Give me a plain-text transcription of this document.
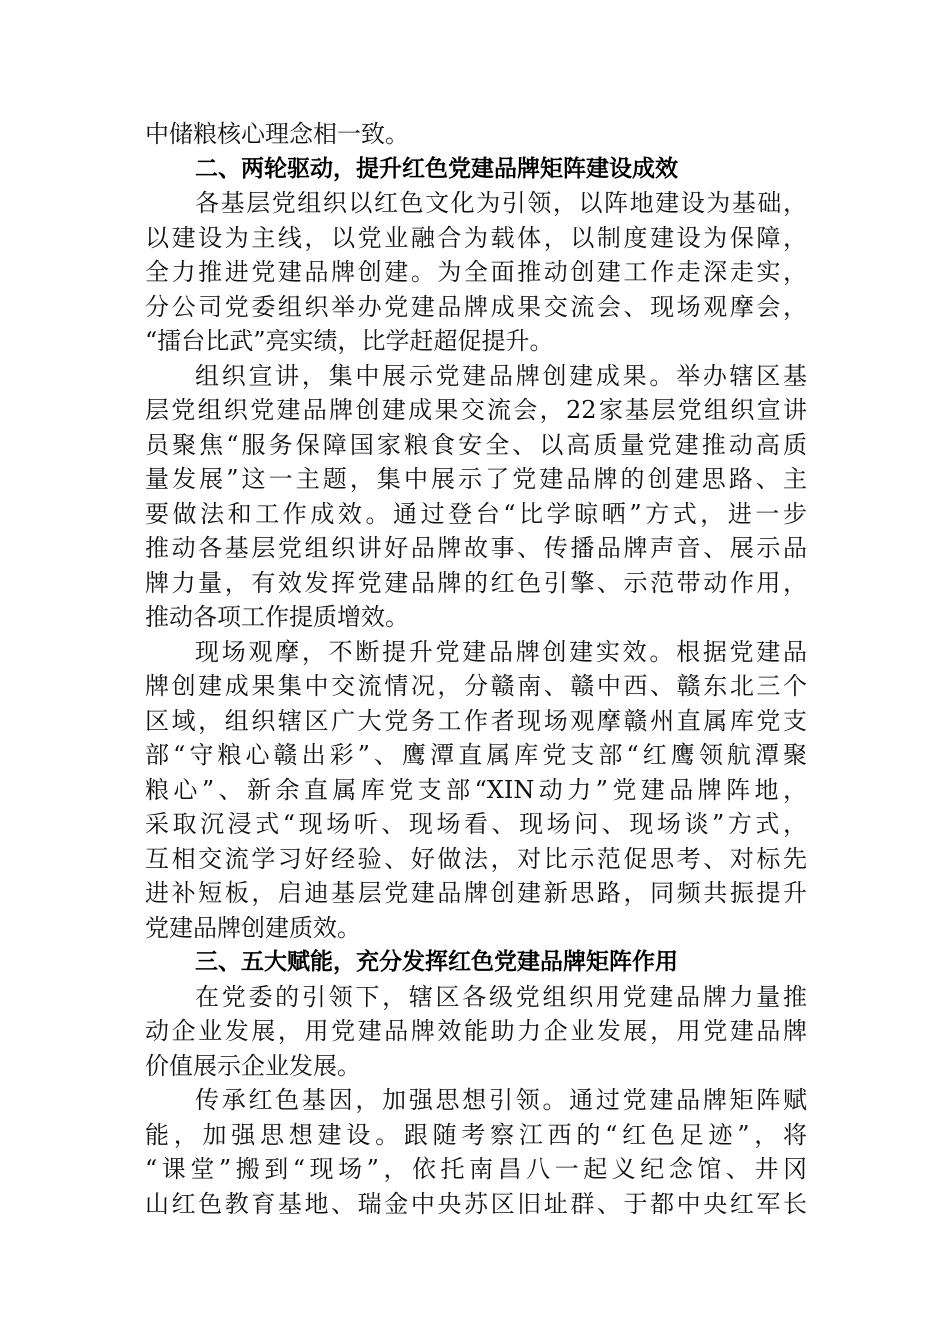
中储粮核心理念相一致。
二、两轮驱动，提升红色党建品牌矩阵建设成效
各基层党组织以红色文化为引领，以阵地建设为基础，
以建设为主线，以党业融合为载体，以制度建设为保障，
全力推进党建品牌创建。为全面推动创建工作走深走实，
分公司党委组织举办党建品牌成果交流会、现场观摩会，
“擂台比武”亮实绩，比学赶超促提升。
组织宣讲，集中展示党建品牌创建成果。举办辖区基
层党组织党建品牌创建成果交流会，22家基层党组织宣讲
员聚焦“服务保障国家粮食安全、以高质量党建推动高质
量发展”这一主题，集中展示了党建品牌的创建思路、主
要做法和工作成效。通过登台“比学晾晒”方式，进一步
推动各基层党组织讲好品牌故事、传播品牌声音、展示品
牌力量，有效发挥党建品牌的红色引擎、示范带动作用，
推动各项工作提质增效。
现场观摩，不断提升党建品牌创建实效。根据党建品
牌创建成果集中交流情况，分赣南、赣中西、赣东北三个
区域，组织辖区广大党务工作者现场观摩赣州直属库党支
部“守粮心赣出彩”、鹰潭直属库党支部“红鹰领航潭聚
粮心”、新余直属库党支部“XIN动力”党建品牌阵地，
采取沉浸式“现场听、现场看、现场问、现场谈”方式，
互相交流学习好经验、好做法，对比示范促思考、对标先
进补短板，启迪基层党建品牌创建新思路，同频共振提升
党建品牌创建质效。
三、五大赋能，充分发挥红色党建品牌矩阵作用
在党委的引领下，辖区各级党组织用党建品牌力量推
动企业发展，用党建品牌效能助力企业发展，用党建品牌
价值展示企业发展。
传承红色基因，加强思想引领。通过党建品牌矩阵赋
能，加强思想建设。跟随考察江西的“红色足迹”，将
“课堂”搬到“现场”，依托南昌八一起义纪念馆、井冈
山红色教育基地、瑞金中央苏区旧址群、于都中央红军长
